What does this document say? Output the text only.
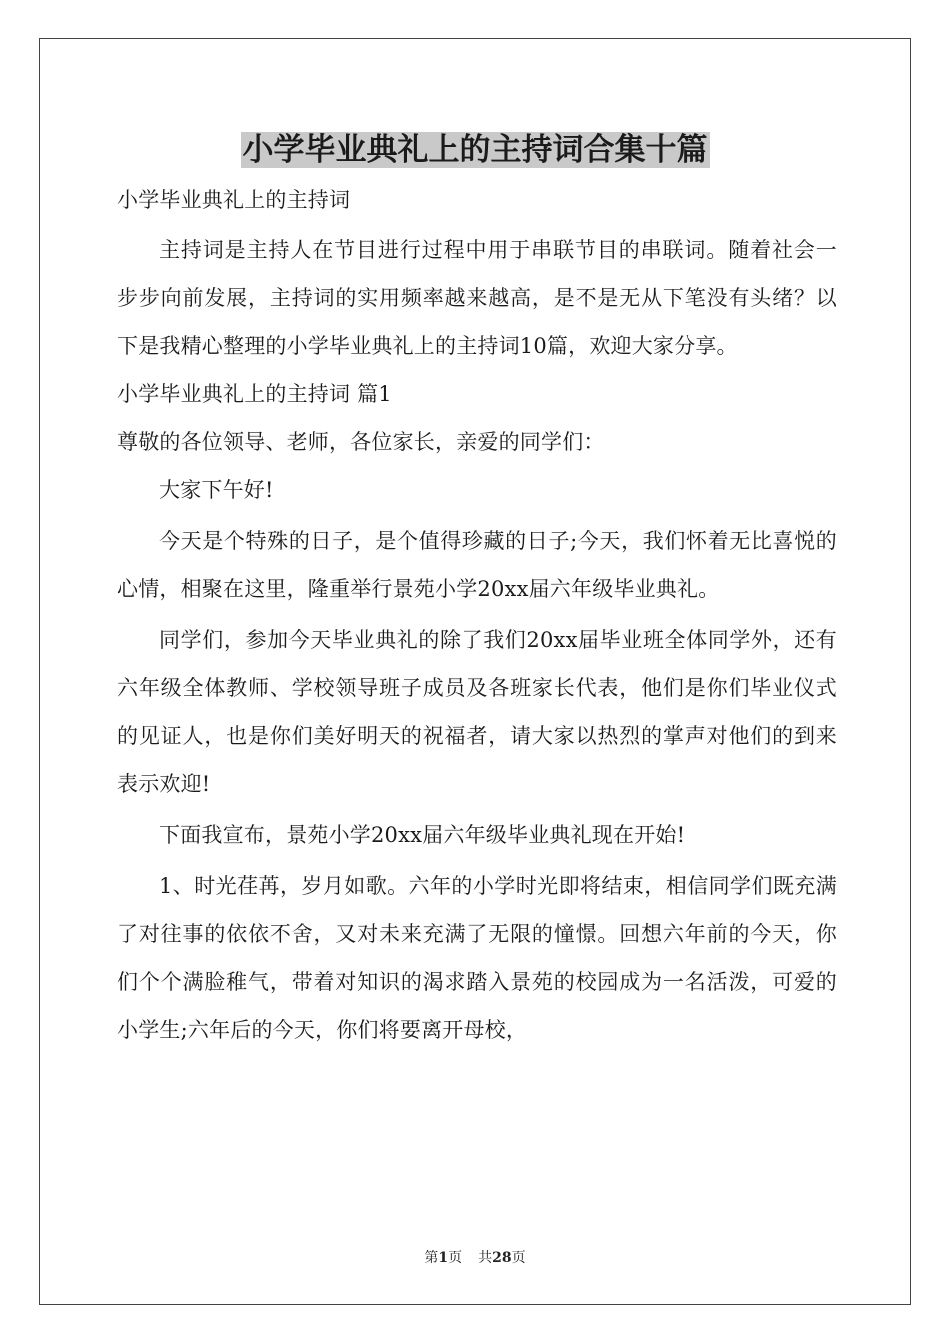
小学毕业典礼上的主持词合集十篇

小学毕业典礼上的主持词

主持词是主持人在节目进行过程中用于串联节目的串联词。随着社会一步步向前发展，主持词的实用频率越来越高，是不是无从下笔没有头绪？以下是我精心整理的小学毕业典礼上的主持词10篇，欢迎大家分享。

小学毕业典礼上的主持词 篇1

尊敬的各位领导、老师，各位家长，亲爱的同学们：

大家下午好!

今天是个特殊的日子，是个值得珍藏的日子;今天，我们怀着无比喜悦的心情，相聚在这里，隆重举行景苑小学20xx届六年级毕业典礼。

同学们，参加今天毕业典礼的除了我们20xx届毕业班全体同学外，还有六年级全体教师、学校领导班子成员及各班家长代表，他们是你们毕业仪式的见证人，也是你们美好明天的祝福者，请大家以热烈的掌声对他们的到来表示欢迎!

下面我宣布，景苑小学20xx届六年级毕业典礼现在开始!

1、时光荏苒，岁月如歌。六年的小学时光即将结束，相信同学们既充满了对往事的依依不舍，又对未来充满了无限的憧憬。回想六年前的今天，你们个个满脸稚气，带着对知识的渴求踏入景苑的校园成为一名活泼，可爱的小学生;六年后的今天，你们将要离开母校，

第1页 共28页
